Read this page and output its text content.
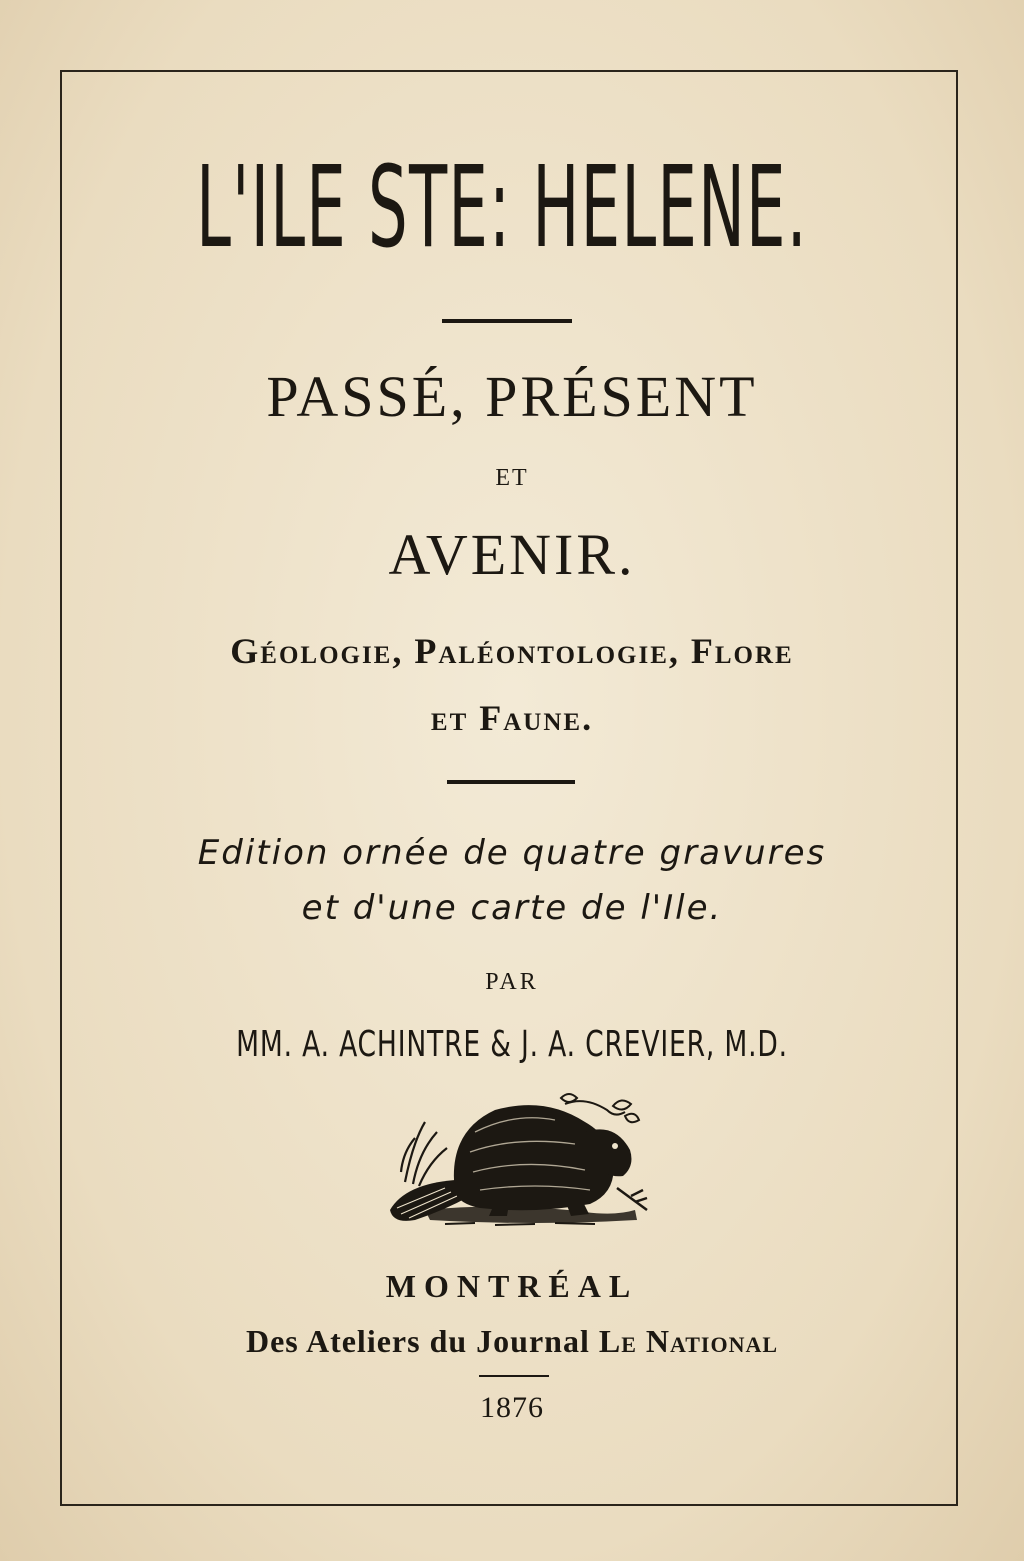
L'ILE STE: HELENE.
PASSÉ, PRÉSENT
ET
AVENIR.
Géologie, Paléontologie, Flore
et Faune.
Edition ornée de quatre gravures
et d'une carte de l'Ile.
PAR
MM. A. ACHINTRE & J. A. CREVIER, M.D.
MONTRÉAL
Des Ateliers du Journal Le National
1876
